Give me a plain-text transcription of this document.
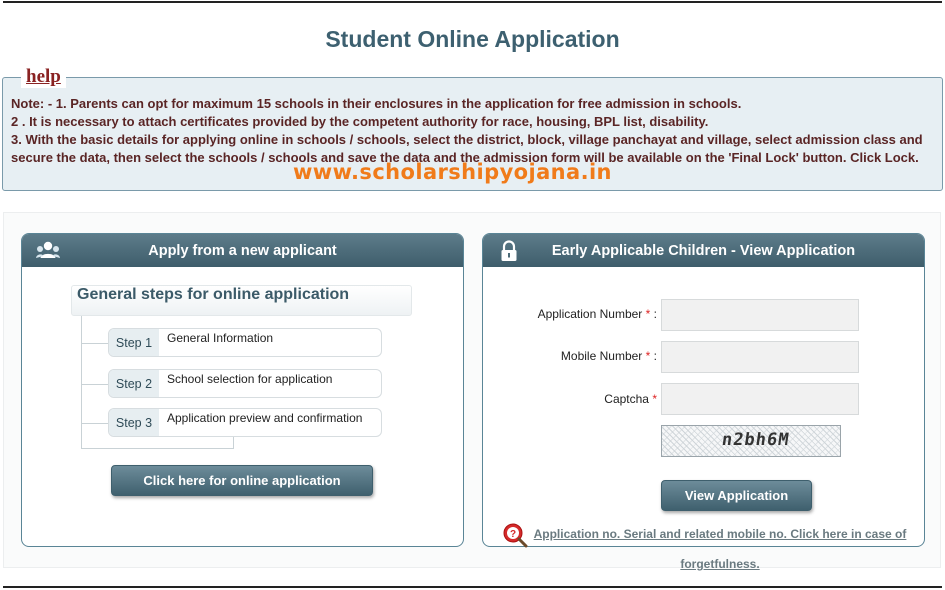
Student Online Application
help
Note: - 1. Parents can opt for maximum 15 schools in their enclosures in the application for free admission in schools.
2 . It is necessary to attach certificates provided by the competent authority for race, housing, BPL list, disability.
3. With the basic details for applying online in schools / schools, select the district, block, village panchayat and village, select admission class and secure the data, then select the schools / schools and save the data and the admission form will be available on the 'Final Lock' button. Click Lock.
www.scholarshipyojana.in
Apply from a new applicant
General steps for online application
Step 1	General Information
Step 2	School selection for application
Step 3	Application preview and confirmation
Click here for online application
Early Applicable Children - View Application
Application Number * :
Mobile Number * :
Captcha *
n2bh6M
View Application
? Application no. Serial and related mobile no. Click here in case of forgetfulness.
